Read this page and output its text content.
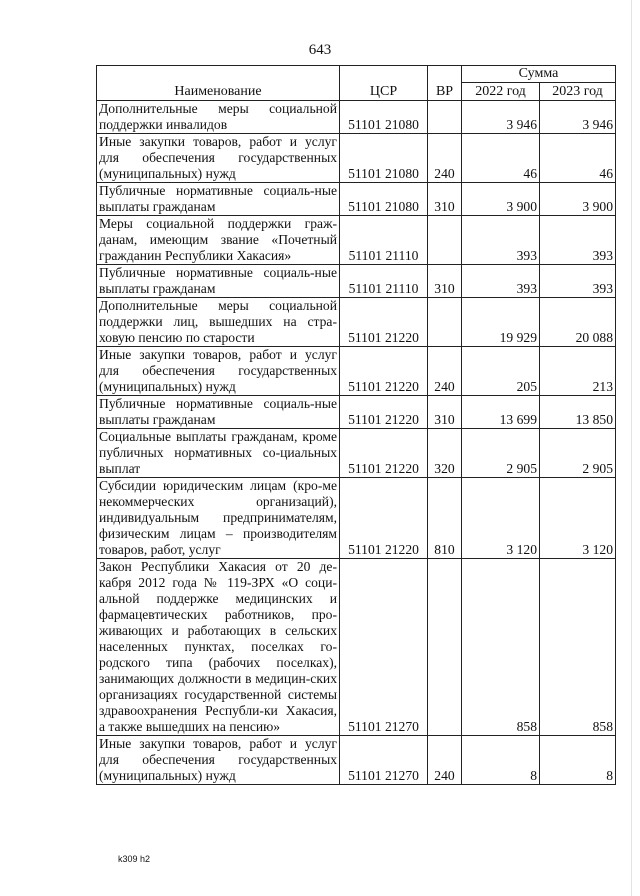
643
Наименование	ЦСР	ВР	Сумма	
			2022 год	2023 год
Дополнительные меры социальной поддержки инвалидов	51101 21080		3 946	3 946
Иные закупки товаров, работ и услуг для обеспечения государственных (муниципальных) нужд	51101 21080	240	46	46
Публичные нормативные социаль-ные выплаты гражданам	51101 21080	310	3 900	3 900
Меры социальной поддержки граж-данам, имеющим звание «Почетный гражданин Республики Хакасия»	51101 21110		393	393
Публичные нормативные социаль-ные выплаты гражданам	51101 21110	310	393	393
Дополнительные меры социальной поддержки лиц, вышедших на стра-ховую пенсию по старости	51101 21220		19 929	20 088
Иные закупки товаров, работ и услуг для обеспечения государственных (муниципальных) нужд	51101 21220	240	205	213
Публичные нормативные социаль-ные выплаты гражданам	51101 21220	310	13 699	13 850
Социальные выплаты гражданам, кроме публичных нормативных со-циальных выплат	51101 21220	320	2 905	2 905
Субсидии юридическим лицам (кро-ме некоммерческих организаций), индивидуальным предпринимателям, физическим лицам – производителям товаров, работ, услуг	51101 21220	810	3 120	3 120
Закон Республики Хакасия от 20 де-кабря 2012 года № 119-ЗРХ «О соци-альной поддержке медицинских и фармацевтических работников, про-живающих и работающих в сельских населенных пунктах, поселках го-родского типа (рабочих поселках), занимающих должности в медицин-ских организациях государственной системы здравоохранения Республи-ки Хакасия, а также вышедших на пенсию»	51101 21270		858	858
Иные закупки товаров, работ и услуг для обеспечения государственных (муниципальных) нужд	51101 21270	240	8	8
k309 h2
